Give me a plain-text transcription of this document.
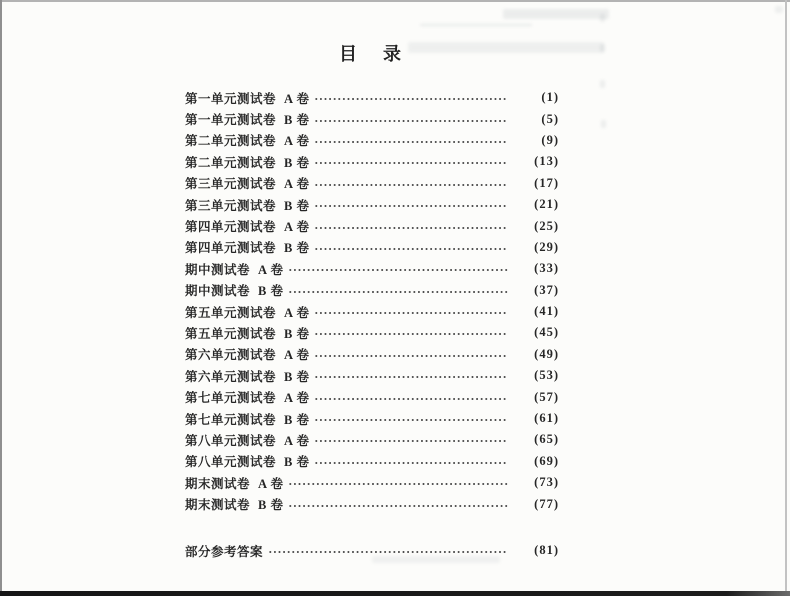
目　录
第一单元测试卷 A 卷	(1)
第一单元测试卷 B 卷	(5)
第二单元测试卷 A 卷	(9)
第二单元测试卷 B 卷	(13)
第三单元测试卷 A 卷	(17)
第三单元测试卷 B 卷	(21)
第四单元测试卷 A 卷	(25)
第四单元测试卷 B 卷	(29)
期中测试卷 A 卷	(33)
期中测试卷 B 卷	(37)
第五单元测试卷 A 卷	(41)
第五单元测试卷 B 卷	(45)
第六单元测试卷 A 卷	(49)
第六单元测试卷 B 卷	(53)
第七单元测试卷 A 卷	(57)
第七单元测试卷 B 卷	(61)
第八单元测试卷 A 卷	(65)
第八单元测试卷 B 卷	(69)
期末测试卷 A 卷	(73)
期末测试卷 B 卷	(77)
部分参考答案	(81)
